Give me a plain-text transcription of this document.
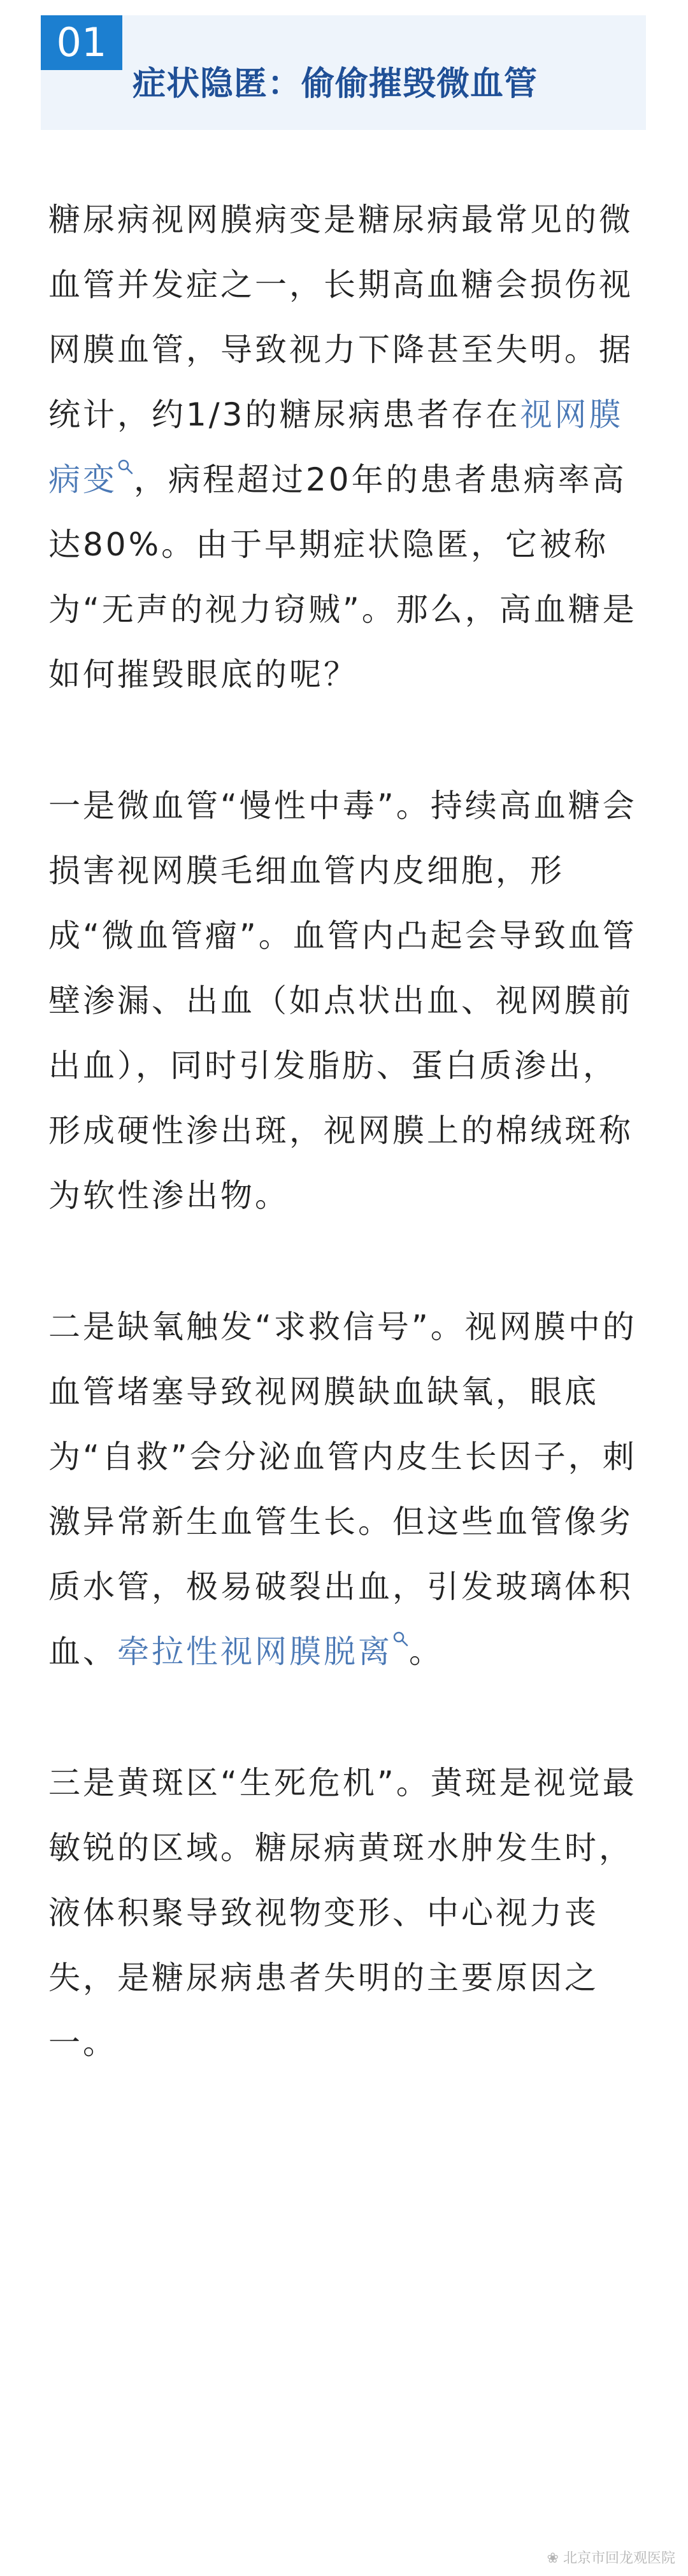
01
症状隐匿：偷偷摧毁微血管

糖尿病视网膜病变是糖尿病最常见的微血管并发症之一，长期高血糖会损伤视网膜血管，导致视力下降甚至失明。据统计，约1/3的糖尿病患者存在视网膜病变 ，病程超过20年的患者患病率高达80%。由于早期症状隐匿，它被称为“无声的视力窃贼”。那么，高血糖是如何摧毁眼底的呢？

一是微血管“慢性中毒”。持续高血糖会损害视网膜毛细血管内皮细胞，形成“微血管瘤”。血管内凸起会导致血管壁渗漏、出血（如点状出血、视网膜前出血），同时引发脂肪、蛋白质渗出，形成硬性渗出斑，视网膜上的棉绒斑称为软性渗出物。

二是缺氧触发“求救信号”。视网膜中的血管堵塞导致视网膜缺血缺氧，眼底为“自救”会分泌血管内皮生长因子，刺激异常新生血管生长。但这些血管像劣质水管，极易破裂出血，引发玻璃体积血、牵拉性视网膜脱离 。

三是黄斑区“生死危机”。黄斑是视觉最敏锐的区域。糖尿病黄斑水肿发生时，液体积聚导致视物变形、中心视力丧失，是糖尿病患者失明的主要原因之一。

❀ 北京市回龙观医院
